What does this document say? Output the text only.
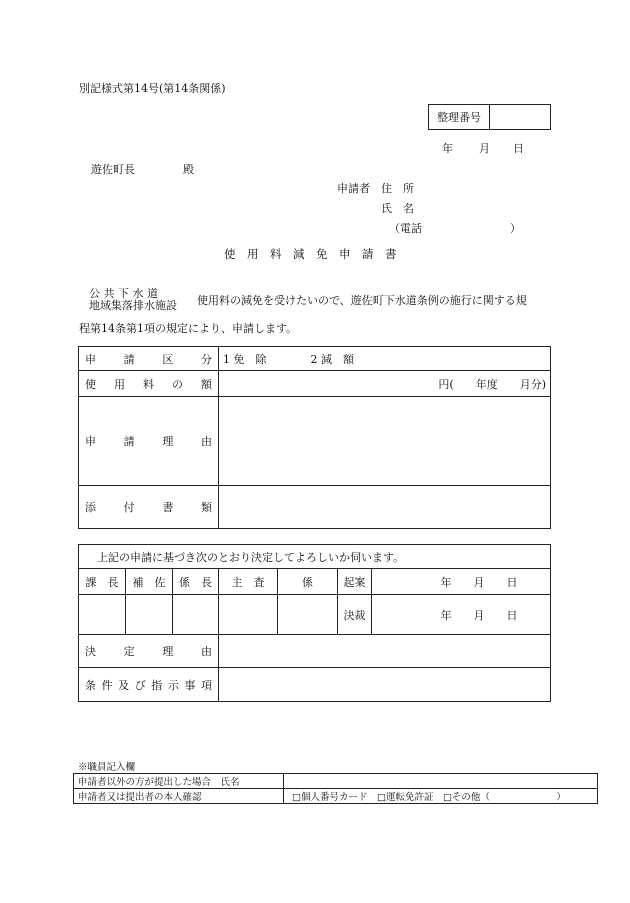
別記様式第14号(第14条関係)
整理番号	
年 月 日
遊佐町長	殿
申請者 住　所
氏　名
（電話	）
使　用　料　減　免　申　請　書
公 共 下 水 道
地域集落排水施設 使用料の減免を受けたいので、遊佐町下水道条例の施行に関する規
程第14条第1項の規定により、申請します。
申　請　区　分	1 免　除　　　　2 減　額
使　用　料　の　額	円(　　年度　　月分)
申　請　理　由	
添　付　書　類	
上記の申請に基づき次のとおり決定してよろしいか伺います。						
課　長	補　佐	係　長	主　査	係	起案	年　　月　　日
					決裁	年　　月　　日
決　定　理　由						
条件及び指示事項						
※職員記入欄
申請者以外の方が提出した場合　氏名	
申請者又は提出者の本人確認	□個人番号カード　□運転免許証　□その他（　　　　　　　）
